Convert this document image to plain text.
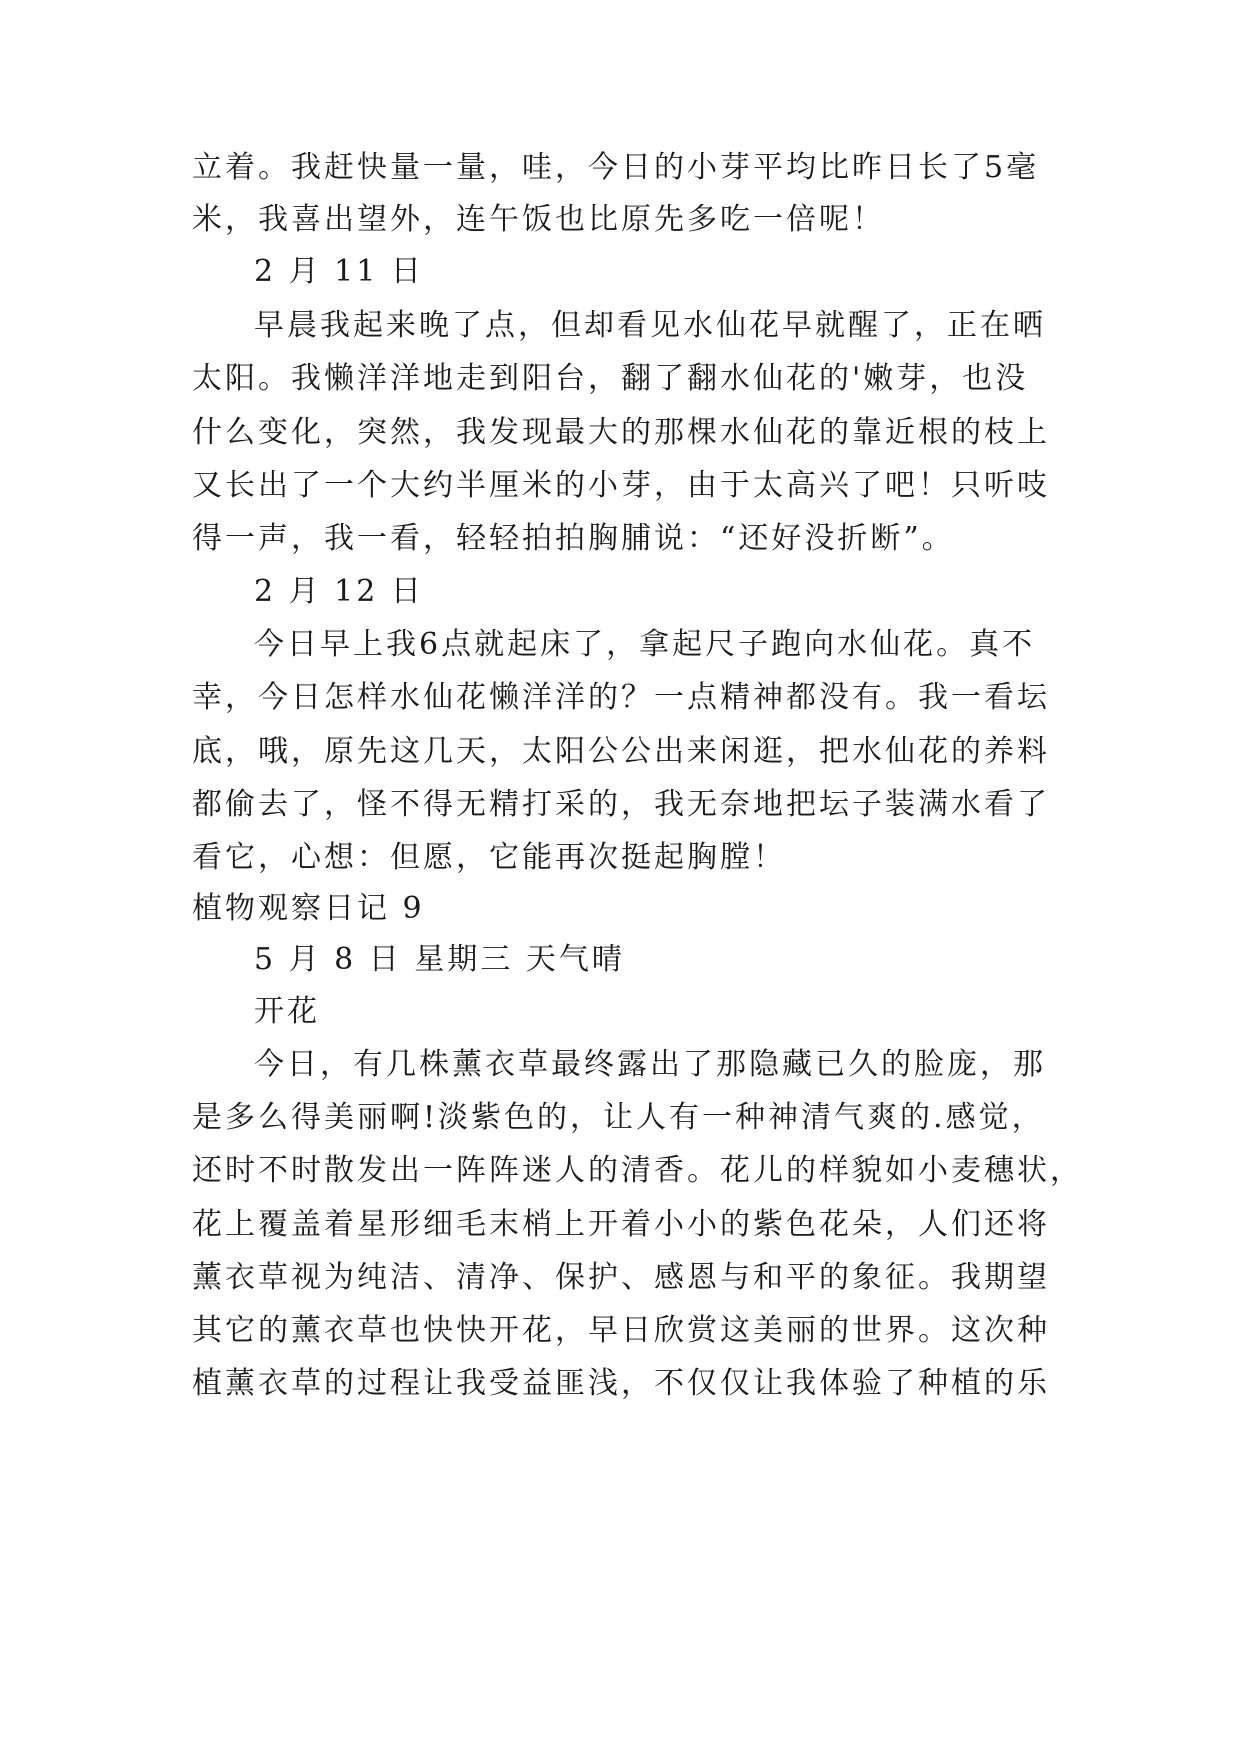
立着。我赶快量一量，哇，今日的小芽平均比昨日长了5毫
米，我喜出望外，连午饭也比原先多吃一倍呢！
2 月 11 日
早晨我起来晚了点，但却看见水仙花早就醒了，正在晒
太阳。我懒洋洋地走到阳台，翻了翻水仙花的'嫩芽，也没
什么变化，突然，我发现最大的那棵水仙花的靠近根的枝上
又长出了一个大约半厘米的小芽，由于太高兴了吧！只听吱
得一声，我一看，轻轻拍拍胸脯说：“还好没折断”。
2 月 12 日
今日早上我6点就起床了，拿起尺子跑向水仙花。真不
幸，今日怎样水仙花懒洋洋的？一点精神都没有。我一看坛
底，哦，原先这几天，太阳公公出来闲逛，把水仙花的养料
都偷去了，怪不得无精打采的，我无奈地把坛子装满水看了
看它，心想：但愿，它能再次挺起胸膛！
植物观察日记 9
5 月 8 日 星期三 天气晴
开花
今日，有几株薰衣草最终露出了那隐藏已久的脸庞，那
是多么得美丽啊!淡紫色的，让人有一种神清气爽的.感觉，
还时不时散发出一阵阵迷人的清香。花儿的样貌如小麦穗状，
花上覆盖着星形细毛末梢上开着小小的紫色花朵，人们还将
薰衣草视为纯洁、清净、保护、感恩与和平的象征。我期望
其它的薰衣草也快快开花，早日欣赏这美丽的世界。这次种
植薰衣草的过程让我受益匪浅，不仅仅让我体验了种植的乐
